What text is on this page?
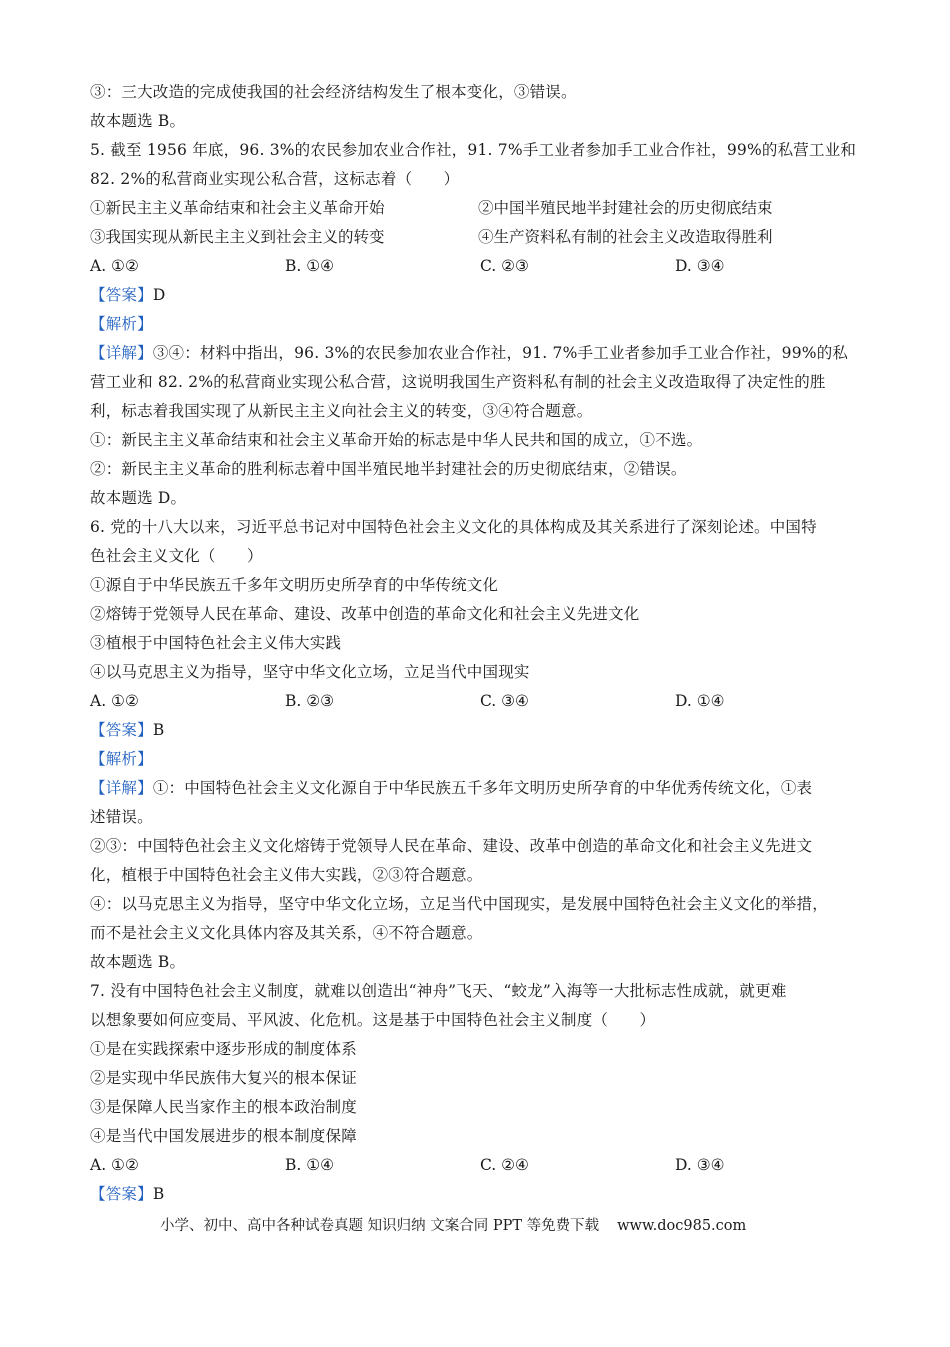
③：三大改造的完成使我国的社会经济结构发生了根本变化，③错误。
故本题选 B。
5. 截至 1956 年底，96. 3%的农民参加农业合作社，91. 7%手工业者参加手工业合作社，99%的私营工业和
82. 2%的私营商业实现公私合营，这标志着（　　）
①新民主主义革命结束和社会主义革命开始	②中国半殖民地半封建社会的历史彻底结束
③我国实现从新民主主义到社会主义的转变	④生产资料私有制的社会主义改造取得胜利
A. ①②	B. ①④	C. ②③	D. ③④
【答案】D
【解析】
【详解】③④：材料中指出，96. 3%的农民参加农业合作社，91. 7%手工业者参加手工业合作社，99%的私
营工业和 82. 2%的私营商业实现公私合营，这说明我国生产资料私有制的社会主义改造取得了决定性的胜
利，标志着我国实现了从新民主主义向社会主义的转变，③④符合题意。
①：新民主主义革命结束和社会主义革命开始的标志是中华人民共和国的成立，①不选。
②：新民主主义革命的胜利标志着中国半殖民地半封建社会的历史彻底结束，②错误。
故本题选 D。
6. 党的十八大以来，习近平总书记对中国特色社会主义文化的具体构成及其关系进行了深刻论述。中国特
色社会主义文化（　　）
①源自于中华民族五千多年文明历史所孕育的中华传统文化
②熔铸于党领导人民在革命、建设、改革中创造的革命文化和社会主义先进文化
③植根于中国特色社会主义伟大实践
④以马克思主义为指导，坚守中华文化立场，立足当代中国现实
A. ①②	B. ②③	C. ③④	D. ①④
【答案】B
【解析】
【详解】①：中国特色社会主义文化源自于中华民族五千多年文明历史所孕育的中华优秀传统文化，①表
述错误。
②③：中国特色社会主义文化熔铸于党领导人民在革命、建设、改革中创造的革命文化和社会主义先进文
化，植根于中国特色社会主义伟大实践，②③符合题意。
④：以马克思主义为指导，坚守中华文化立场，立足当代中国现实，是发展中国特色社会主义文化的举措，
而不是社会主义文化具体内容及其关系，④不符合题意。
故本题选 B。
7. 没有中国特色社会主义制度，就难以创造出“神舟”飞天、“蛟龙”入海等一大批标志性成就，就更难
以想象要如何应变局、平风波、化危机。这是基于中国特色社会主义制度（　　）
①是在实践探索中逐步形成的制度体系
②是实现中华民族伟大复兴的根本保证
③是保障人民当家作主的根本政治制度
④是当代中国发展进步的根本制度保障
A. ①②	B. ①④	C. ②④	D. ③④
【答案】B
小学、初中、高中各种试卷真题 知识归纳 文案合同 PPT 等免费下载 www.doc985.com
